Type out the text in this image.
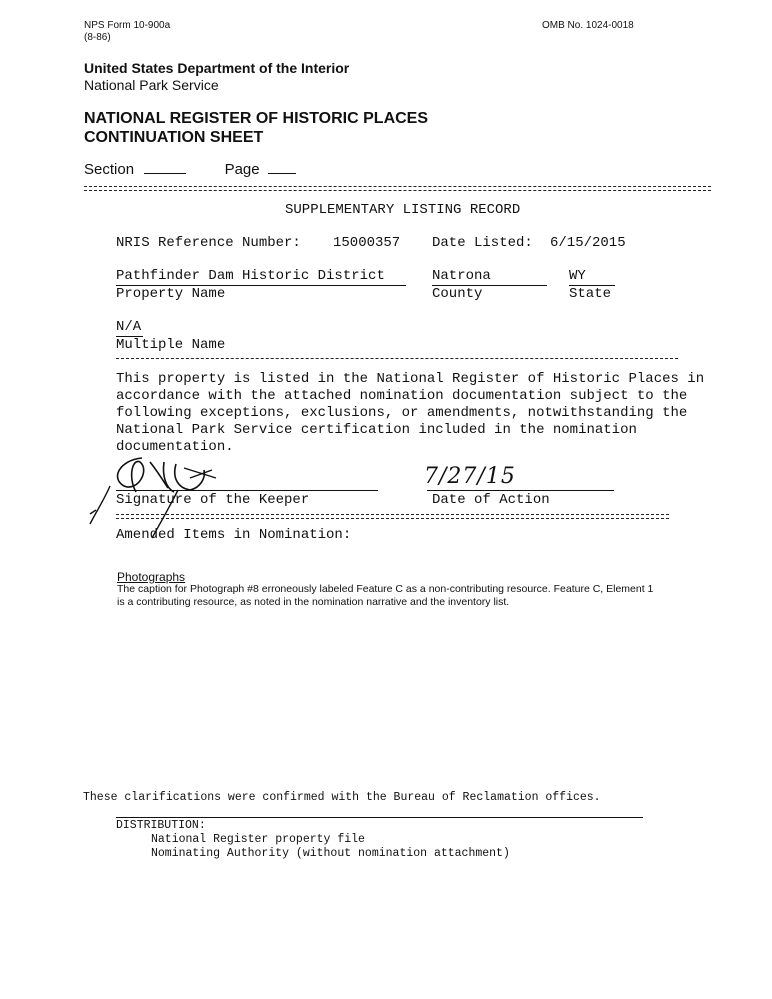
NPS Form 10-900a
(8-86)
OMB No. 1024-0018
United States Department of the Interior
National Park Service
NATIONAL REGISTER OF HISTORIC PLACES
CONTINUATION SHEET
Section	Page
SUPPLEMENTARY LISTING RECORD
NRIS Reference Number: 15000357 Date Listed: 6/15/2015
Pathfinder Dam Historic District	Natrona	WY
Property Name	County	State
N/A
Multiple Name
This property is listed in the National Register of Historic Places in accordance with the attached nomination documentation subject to the following exceptions, exclusions, or amendments, notwithstanding the National Park Service certification included in the nomination documentation.
7/27/15
Signature of the Keeper	Date of Action
Amended Items in Nomination:
Photographs
The caption for Photograph #8 erroneously labeled Feature C as a non-contributing resource. Feature C, Element 1 is a contributing resource, as noted in the nomination narrative and the inventory list.
These clarifications were confirmed with the Bureau of Reclamation offices.
DISTRIBUTION:
National Register property file
Nominating Authority (without nomination attachment)
